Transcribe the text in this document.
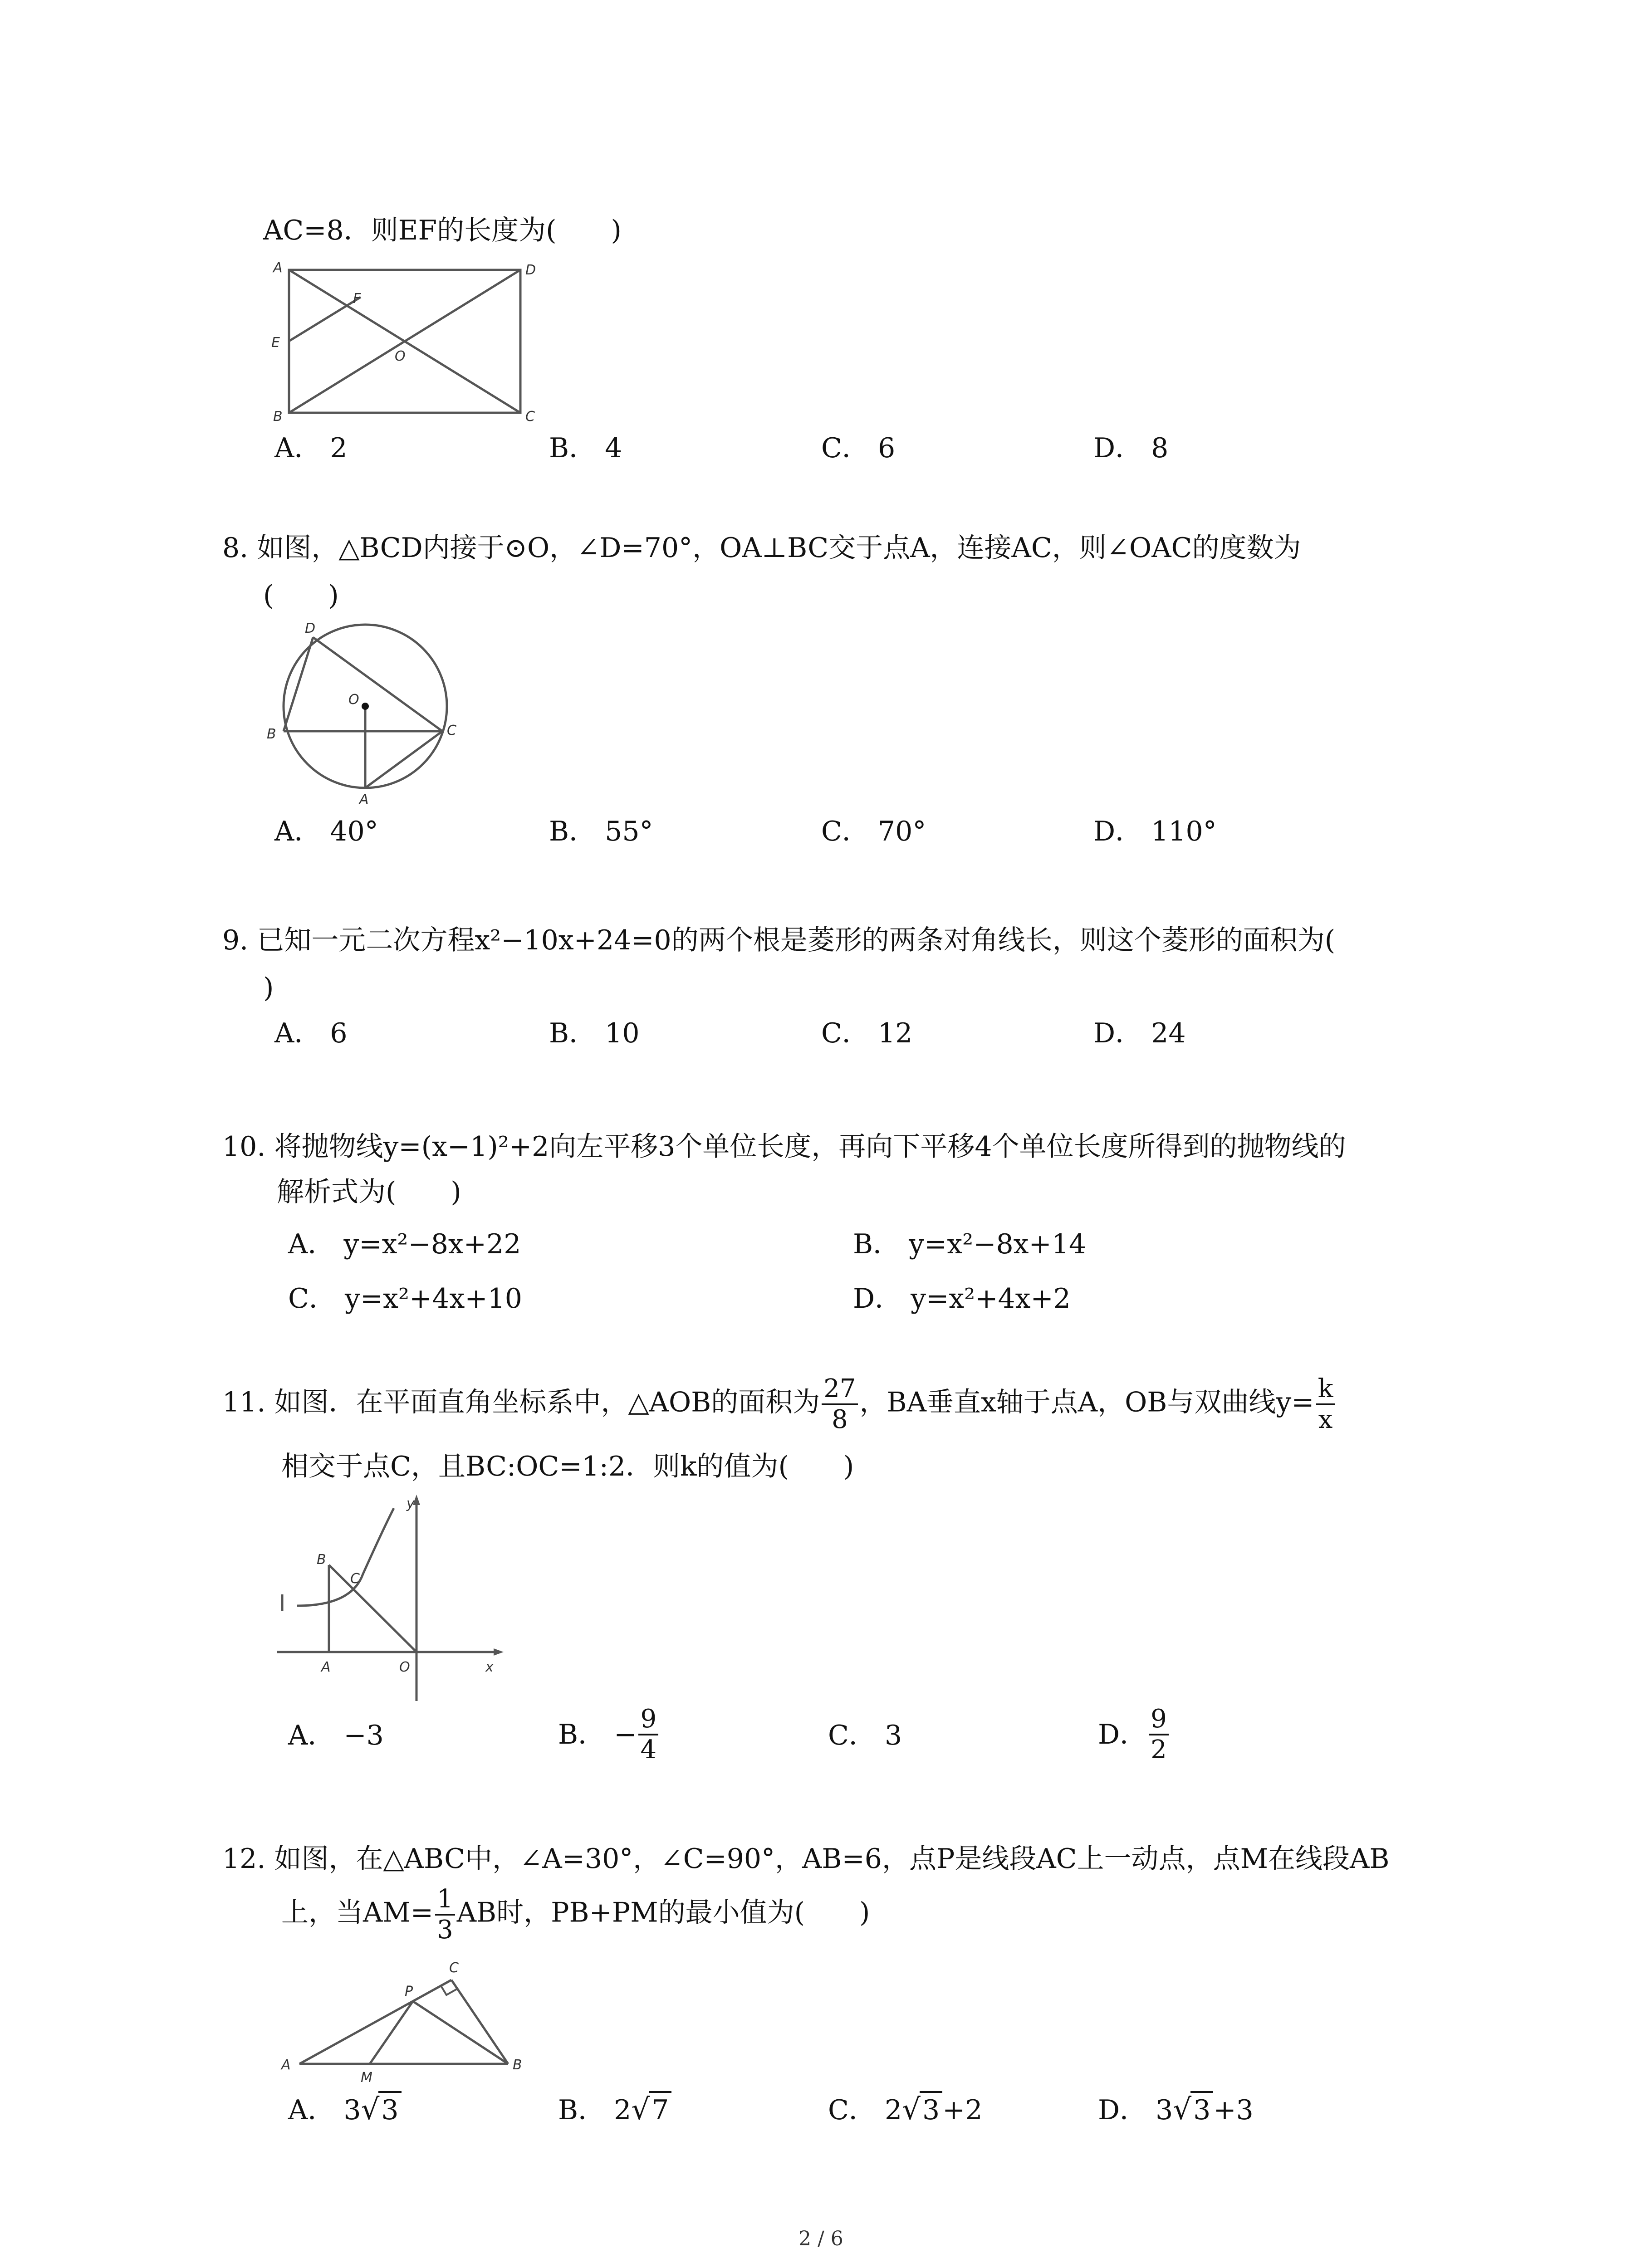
AC=8．则EF的长度为(　　)
A	D
E
F
O
B	C
A． 2	B． 4	C． 6	D． 8
8. 如图，△BCD内接于⊙O，∠D=70°，OA⊥BC交于点A，连接AC，则∠OAC的度数为
(　　)
D
O
B	C
A
A． 40°	B． 55°	C． 70°	D． 110°
9. 已知一元二次方程x²−10x+24=0的两个根是菱形的两条对角线长，则这个菱形的面积为(
)
A． 6	B． 10	C． 12	D． 24
10. 将抛物线y=(x−1)²+2向左平移3个单位长度，再向下平移4个单位长度所得到的抛物线的
解析式为(　　)
A． y=x²−8x+22	B． y=x²−8x+14
C． y=x²+4x+10	D． y=x²+4x+2
11. 如图．在平面直角坐标系中，△AOB的面积为 $\frac{27}{8}$ ，BA垂直x轴于点A，OB与双曲线$y= \frac{k}{x}$
相交于点C，且BC:OC=1:2．则k的值为(　　)
y
B
C
A	O	x
A． −3	B． − $\frac{9}{4}$	C． 3	D． $\frac{9}{2}$
12. 如图，在△ABC中，∠A=30°，∠C=90°，AB=6，点P是线段AC上一动点，点M在线段AB
上，当$AM= \frac{1}{3}$ AB时，PB+PM的最小值为(　　)
A
M
P
C
B
A． 3√3	B． 2√7	C． 2√3 +2	D． 3√3 +3
2 / 6
